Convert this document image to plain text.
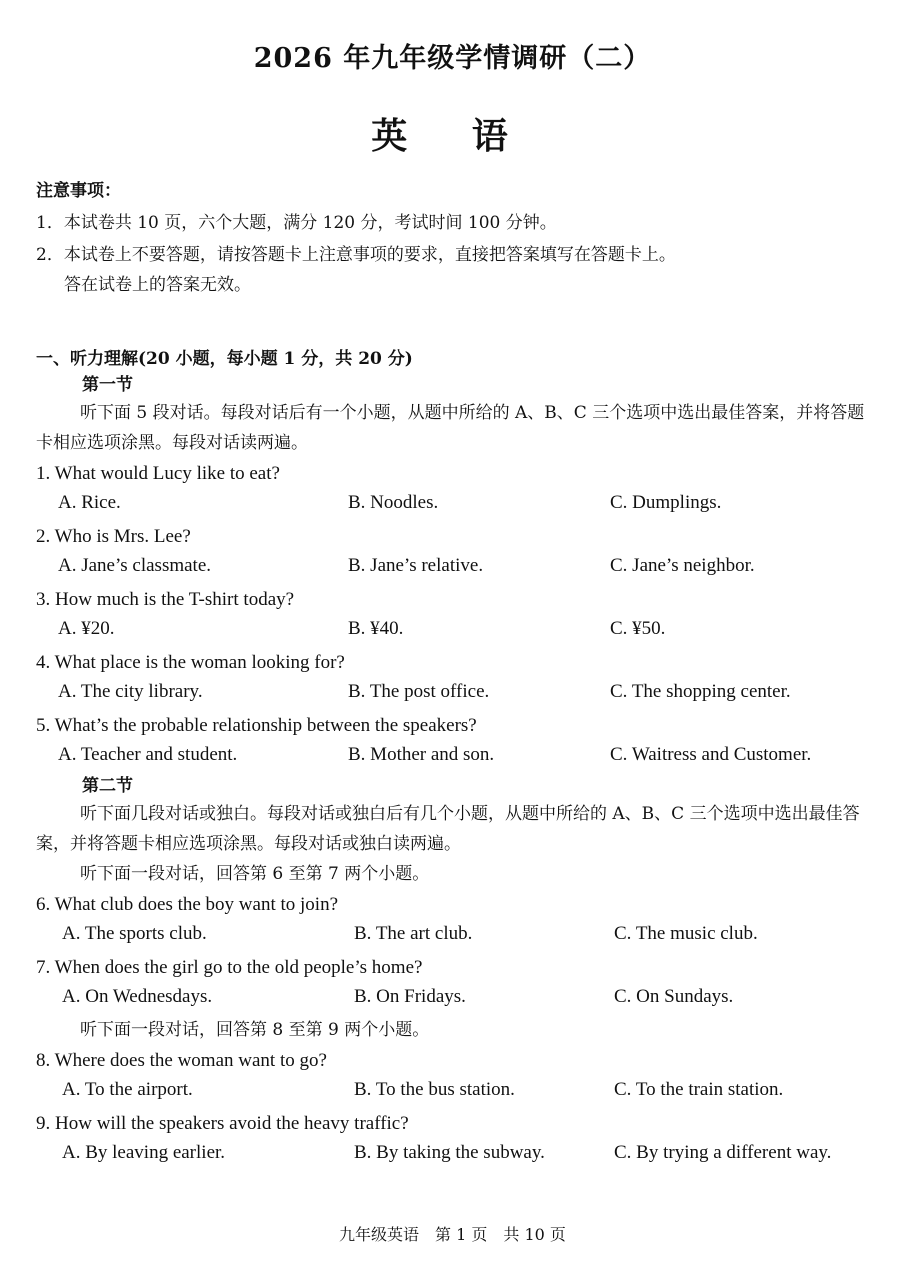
2026 年九年级学情调研（二）
英 语
注意事项：
1．本试卷共 10 页，六个大题，满分 120 分，考试时间 100 分钟。
2．本试卷上不要答题，请按答题卡上注意事项的要求，直接把答案填写在答题卡上。
答在试卷上的答案无效。
一、听力理解(20 小题，每小题 1 分，共 20 分)
第一节
听下面 5 段对话。每段对话后有一个小题，从题中所给的 A、B、C 三个选项中选出最佳答案，并将答题卡相应选项涂黑。每段对话读两遍。
1. What would Lucy like to eat?
A. Rice.	B. Noodles.	C. Dumplings.
2. Who is Mrs. Lee?
A. Jane’s classmate.	B. Jane’s relative.	C. Jane’s neighbor.
3. How much is the T-shirt today?
A. ¥20.	B. ¥40.	C. ¥50.
4. What place is the woman looking for?
A. The city library.	B. The post office.	C. The shopping center.
5. What’s the probable relationship between the speakers?
A. Teacher and student.	B. Mother and son.	C. Waitress and Customer.
第二节
听下面几段对话或独白。每段对话或独白后有几个小题，从题中所给的 A、B、C 三个选项中选出最佳答案，并将答题卡相应选项涂黑。每段对话或独白读两遍。
听下面一段对话，回答第 6 至第 7 两个小题。
6. What club does the boy want to join?
A. The sports club.	B. The art club.	C. The music club.
7. When does the girl go to the old people’s home?
A. On Wednesdays.	B. On Fridays.	C. On Sundays.
听下面一段对话，回答第 8 至第 9 两个小题。
8. Where does the woman want to go?
A. To the airport.	B. To the bus station.	C. To the train station.
9. How will the speakers avoid the heavy traffic?
A. By leaving earlier.	B. By taking the subway.	C. By trying a different way.
九年级英语　第 1 页　共 10 页
